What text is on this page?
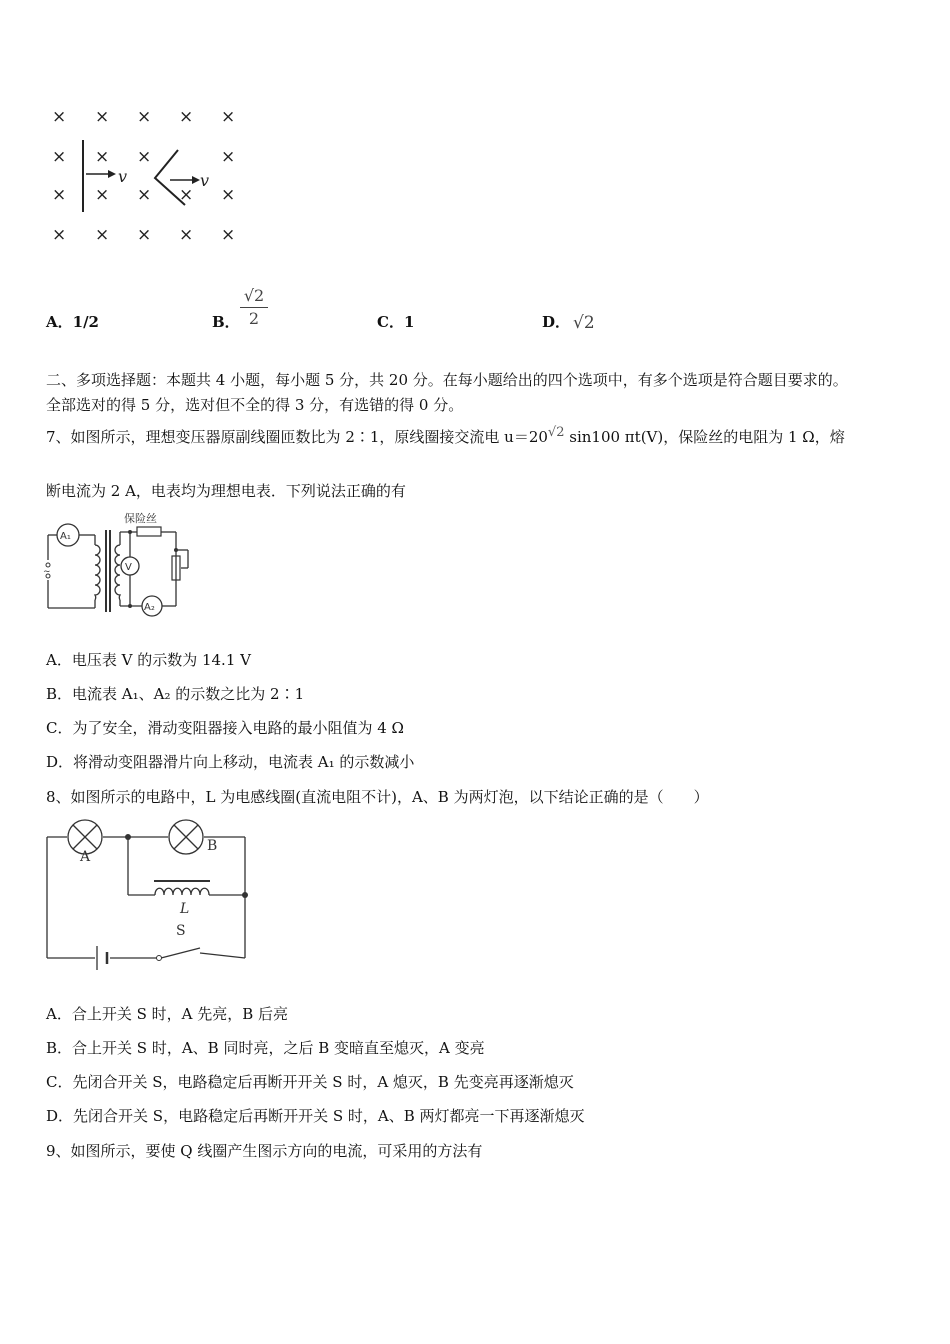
× × × × ×
× × ×	×
× × × × ×
× × × × ×
v	v
A．1/2	B．
√2
2	C．1	D． √2
二、多项选择题：本题共 4 小题，每小题 5 分，共 20 分。在每小题给出的四个选项中，有多个选项是符合题目要求的。
全部选对的得 5 分，选对但不全的得 3 分，有选错的得 0 分。
7、如图所示，理想变压器原副线圈匝数比为 2∶1，原线圈接交流电 u＝20√2 sin100 πt(V)，保险丝的电阻为 1 Ω，熔
断电流为 2 A，电表均为理想电表．下列说法正确的有
A₁
~	V
A₂
保险丝
A．电压表 V 的示数为 14.1 V
B．电流表 A₁、A₂ 的示数之比为 2∶1
C．为了安全，滑动变阻器接入电路的最小阻值为 4 Ω
D．将滑动变阻器滑片向上移动，电流表 A₁ 的示数减小
8、如图所示的电路中，L 为电感线圈(直流电阻不计)，A、B 为两灯泡，以下结论正确的是（　　）
A
B
L
S
A．合上开关 S 时，A 先亮，B 后亮
B．合上开关 S 时，A、B 同时亮，之后 B 变暗直至熄灭，A 变亮
C．先闭合开关 S，电路稳定后再断开开关 S 时，A 熄灭，B 先变亮再逐渐熄灭
D．先闭合开关 S，电路稳定后再断开开关 S 时，A、B 两灯都亮一下再逐渐熄灭
9、如图所示，要使 Q 线圈产生图示方向的电流，可采用的方法有
